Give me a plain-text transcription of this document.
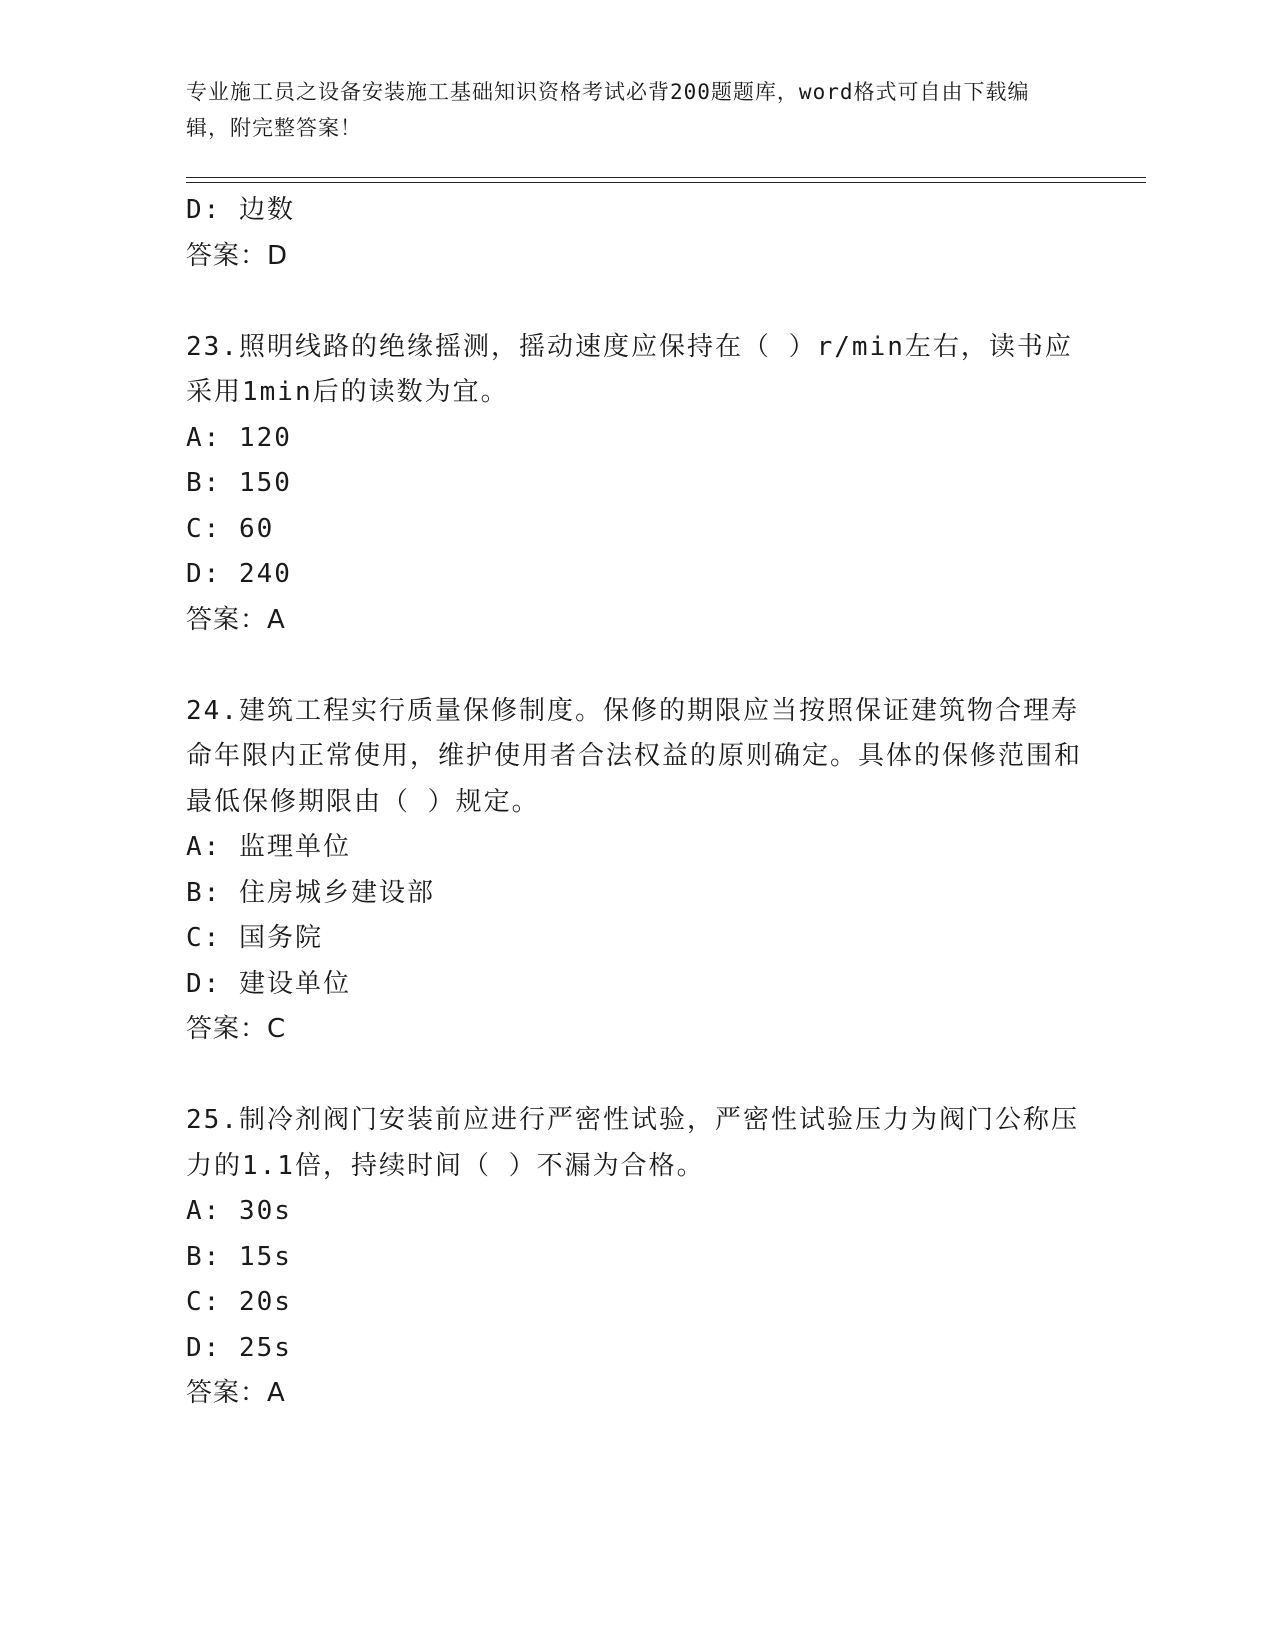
专业施工员之设备安装施工基础知识资格考试必背200题题库，word格式可自由下载编辑，附完整答案！
D: 边数
答案：D
23.照明线路的绝缘摇测，摇动速度应保持在（ ）r/min左右，读书应采用1min后的读数为宜。
A: 120
B: 150
C: 60
D: 240
答案：A
24.建筑工程实行质量保修制度。保修的期限应当按照保证建筑物合理寿命年限内正常使用，维护使用者合法权益的原则确定。具体的保修范围和最低保修期限由（ ）规定。
A: 监理单位
B: 住房城乡建设部
C: 国务院
D: 建设单位
答案：C
25.制冷剂阀门安装前应进行严密性试验，严密性试验压力为阀门公称压力的1.1倍，持续时间（ ）不漏为合格。
A: 30s
B: 15s
C: 20s
D: 25s
答案：A
